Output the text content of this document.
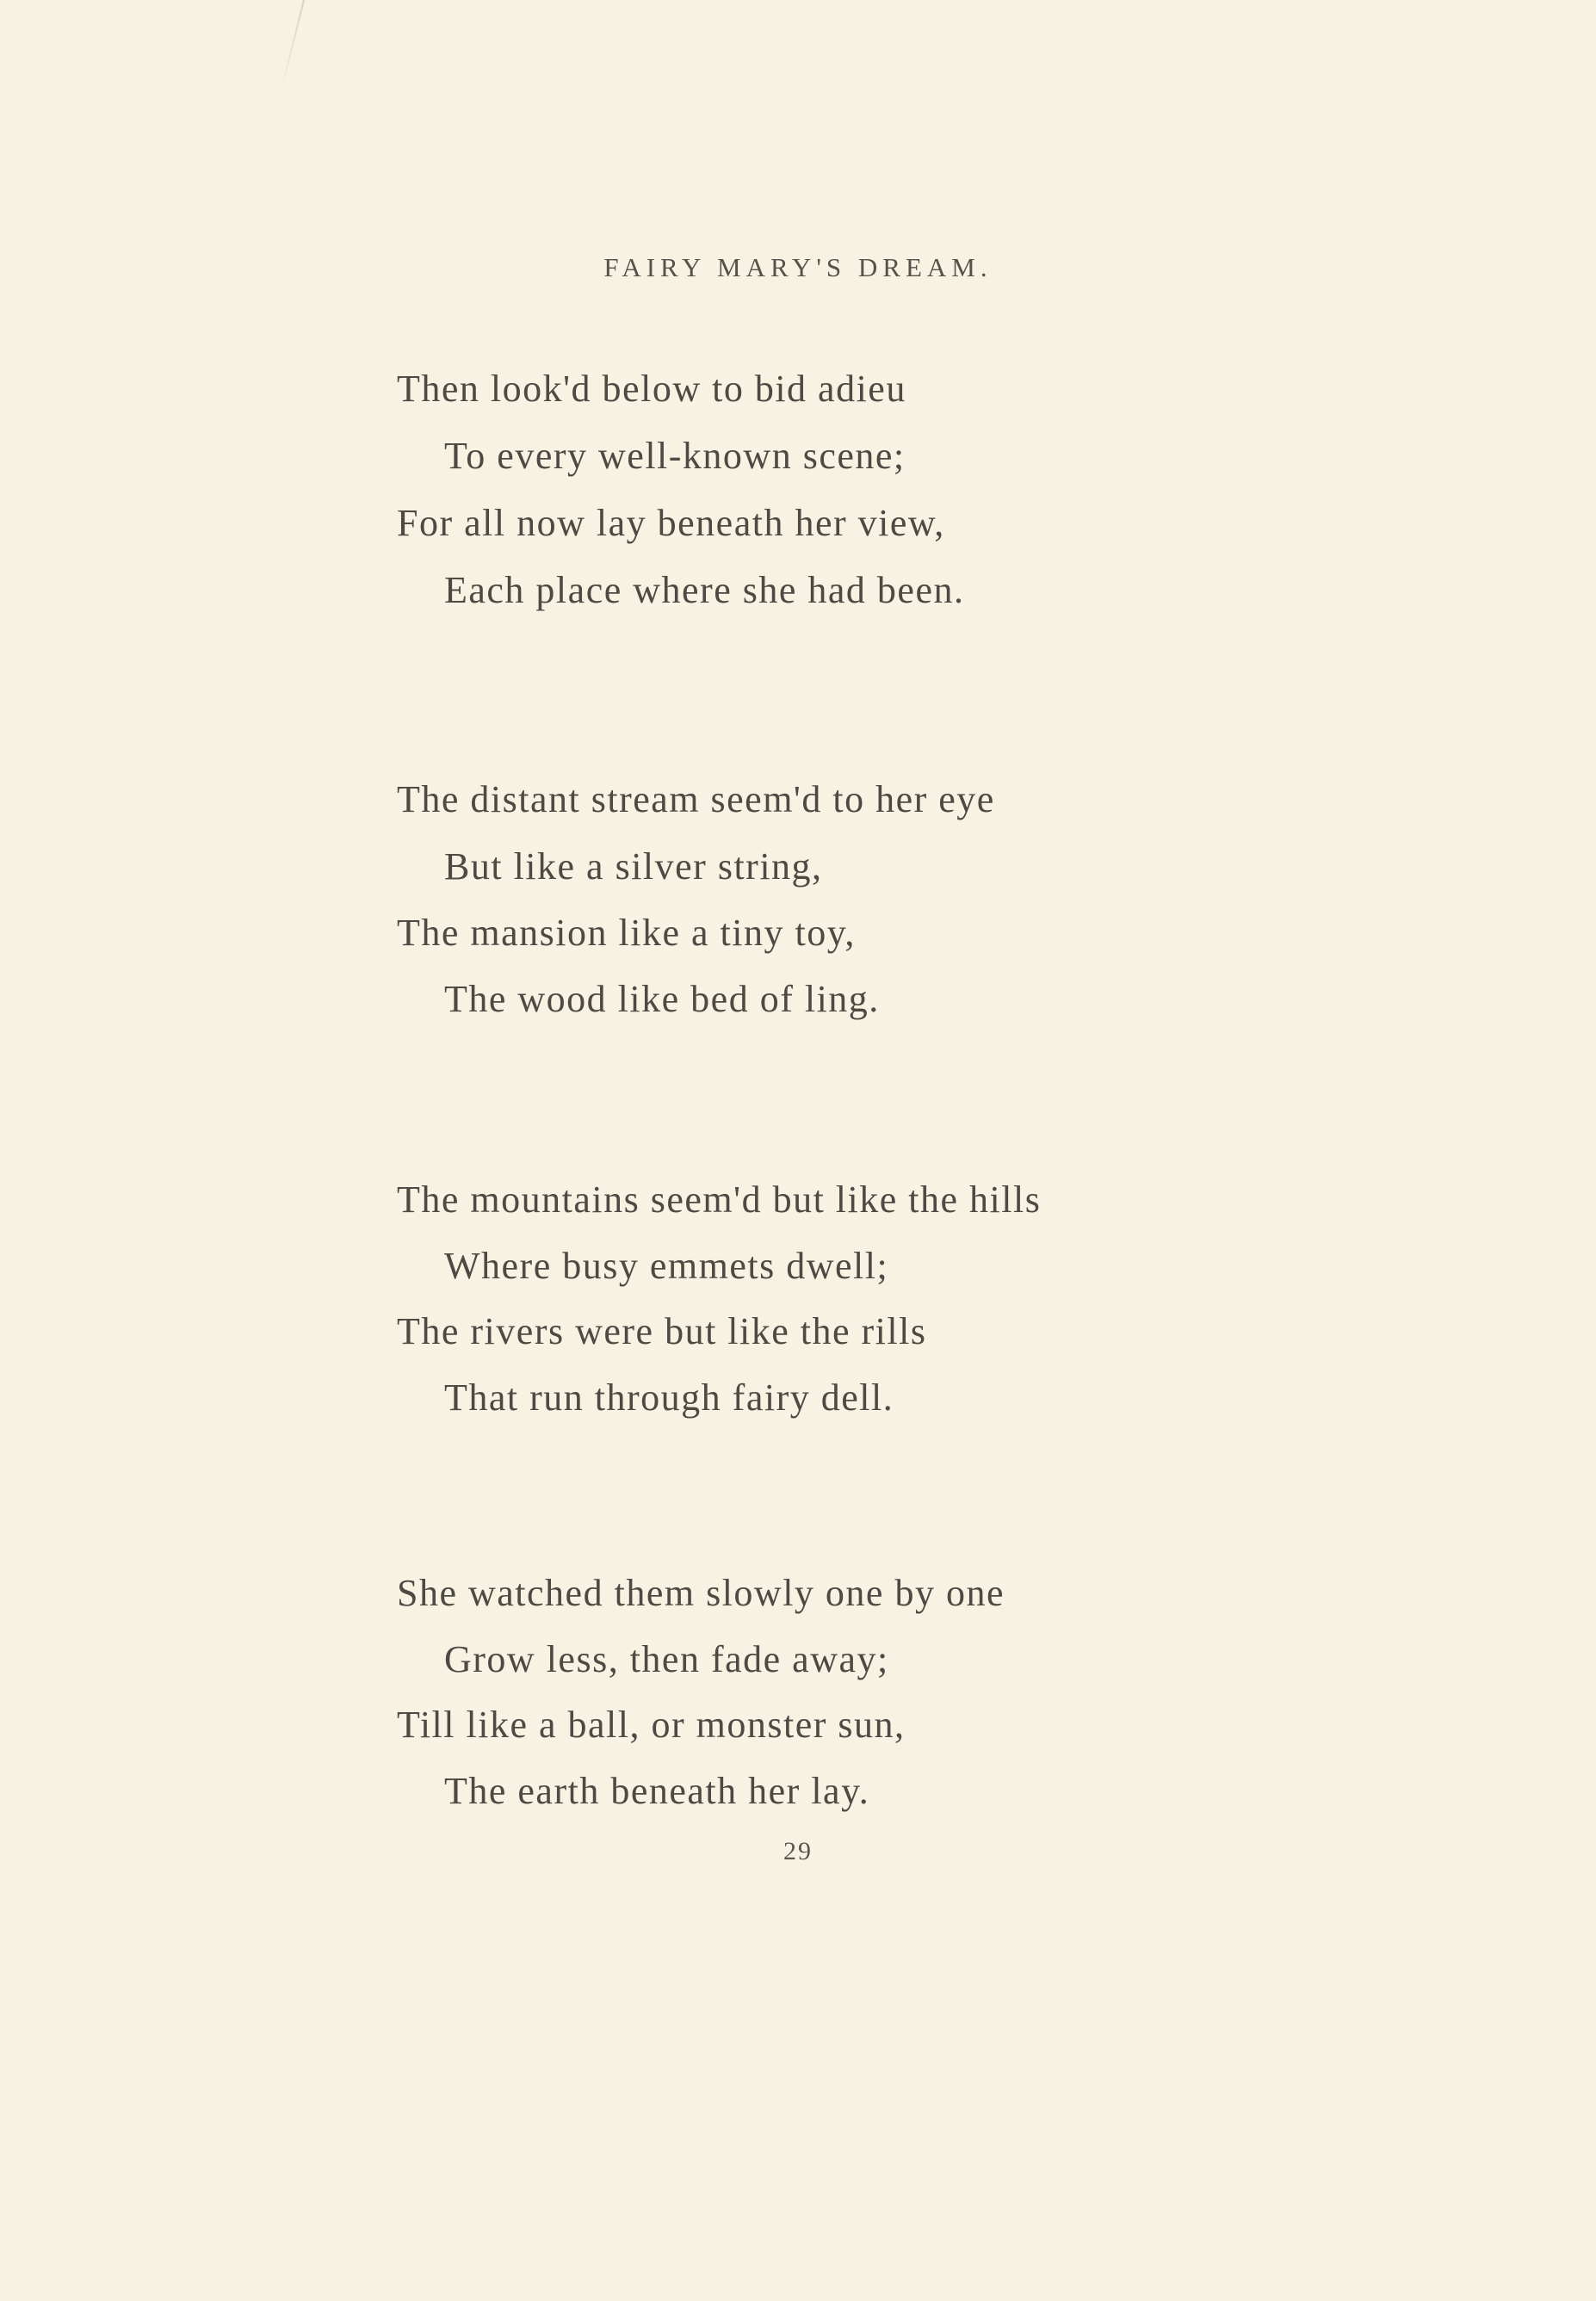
FAIRY MARY'S DREAM.
Then look'd below to bid adieu
To every well-known scene;
For all now lay beneath her view,
Each place where she had been.
The distant stream seem'd to her eye
But like a silver string,
The mansion like a tiny toy,
The wood like bed of ling.
The mountains seem'd but like the hills
Where busy emmets dwell;
The rivers were but like the rills
That run through fairy dell.
She watched them slowly one by one
Grow less, then fade away;
Till like a ball, or monster sun,
The earth beneath her lay.
29
